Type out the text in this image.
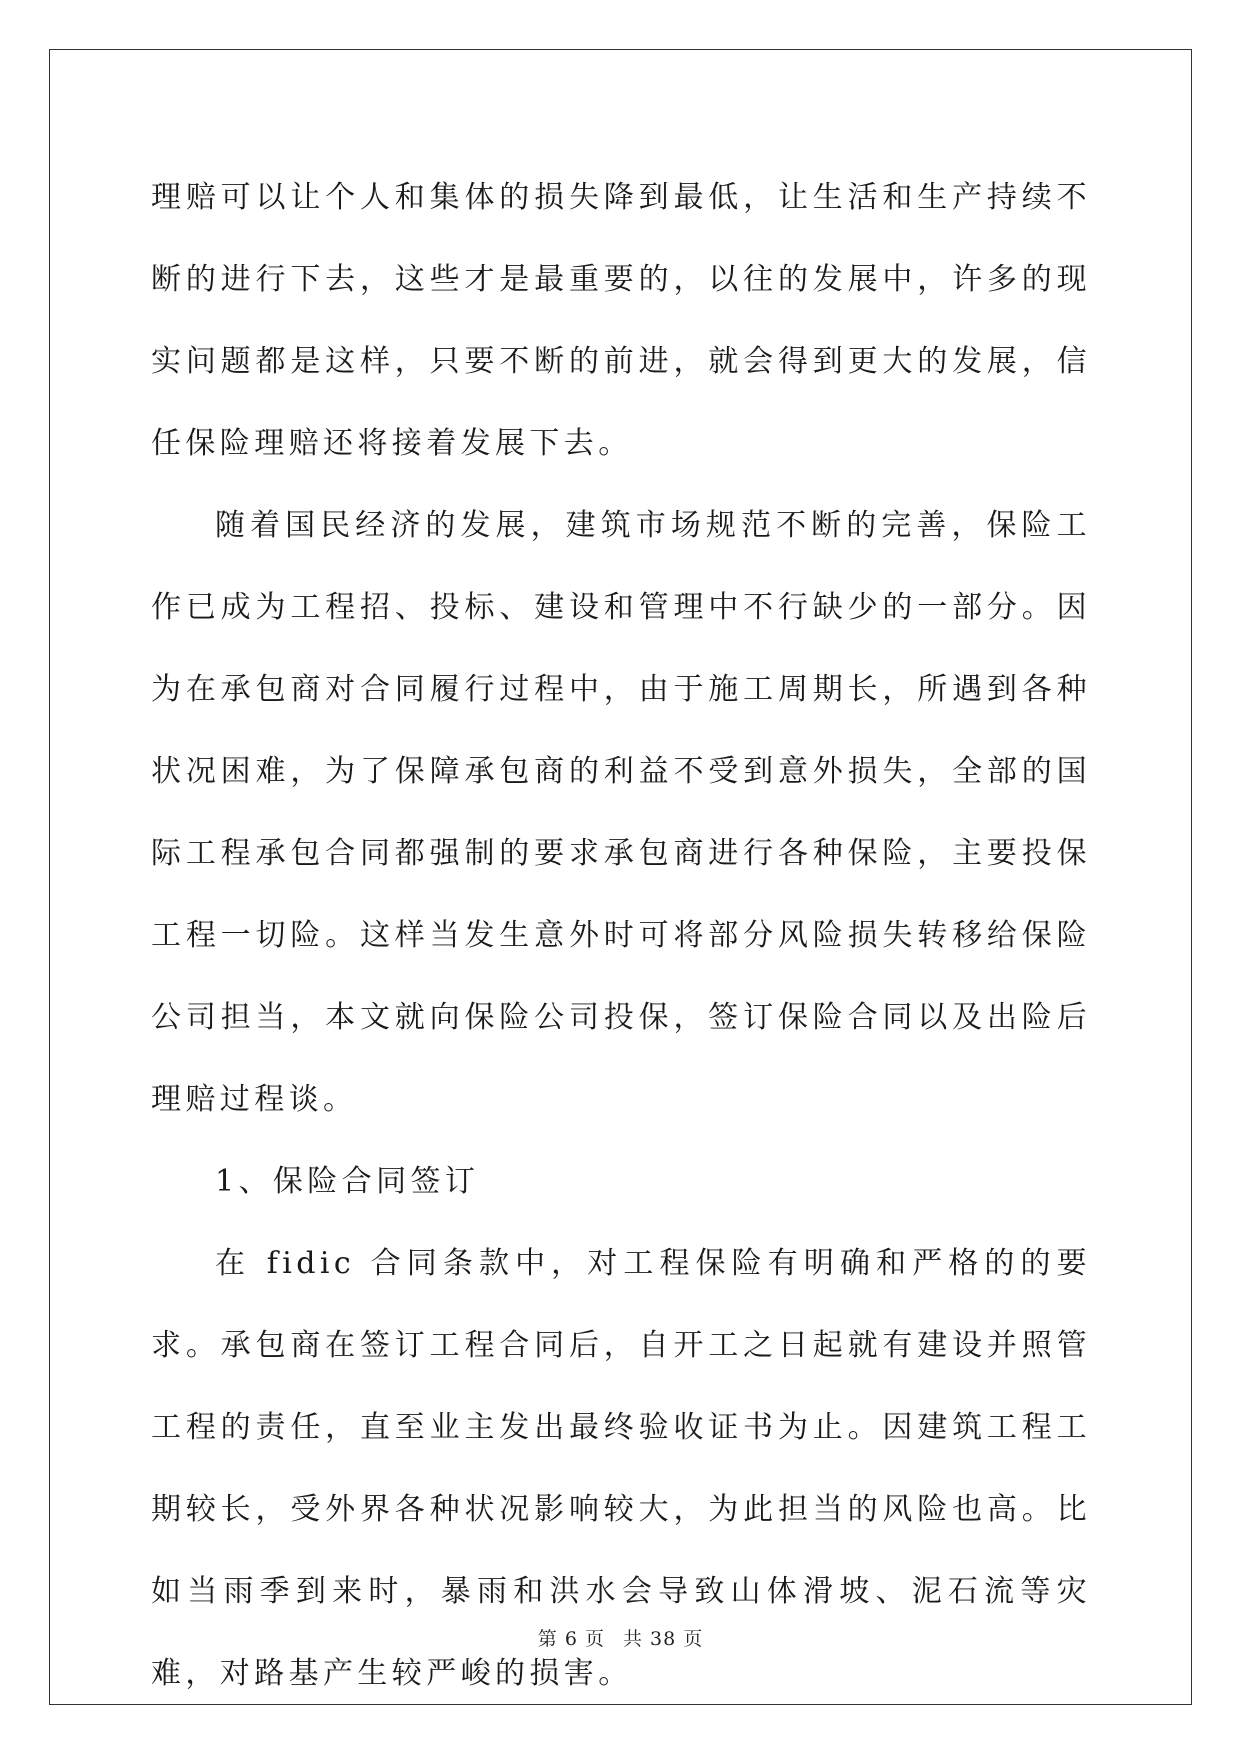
理赔可以让个人和集体的损失降到最低，让生活和生产持续不断的进行下去，这些才是最重要的，以往的发展中，许多的现实问题都是这样，只要不断的前进，就会得到更大的发展，信任保险理赔还将接着发展下去。

随着国民经济的发展，建筑市场规范不断的完善，保险工作已成为工程招、投标、建设和管理中不行缺少的一部分。因为在承包商对合同履行过程中，由于施工周期长，所遇到各种状况困难，为了保障承包商的利益不受到意外损失，全部的国际工程承包合同都强制的要求承包商进行各种保险，主要投保工程一切险。这样当发生意外时可将部分风险损失转移给保险公司担当，本文就向保险公司投保，签订保险合同以及出险后理赔过程谈。

1、保险合同签订

在 fidic 合同条款中，对工程保险有明确和严格的的要求。承包商在签订工程合同后，自开工之日起就有建设并照管工程的责任，直至业主发出最终验收证书为止。因建筑工程工期较长，受外界各种状况影响较大，为此担当的风险也高。比如当雨季到来时，暴雨和洪水会导致山体滑坡、泥石流等灾难，对路基产生较严峻的损害。

第 6 页 共 38 页
